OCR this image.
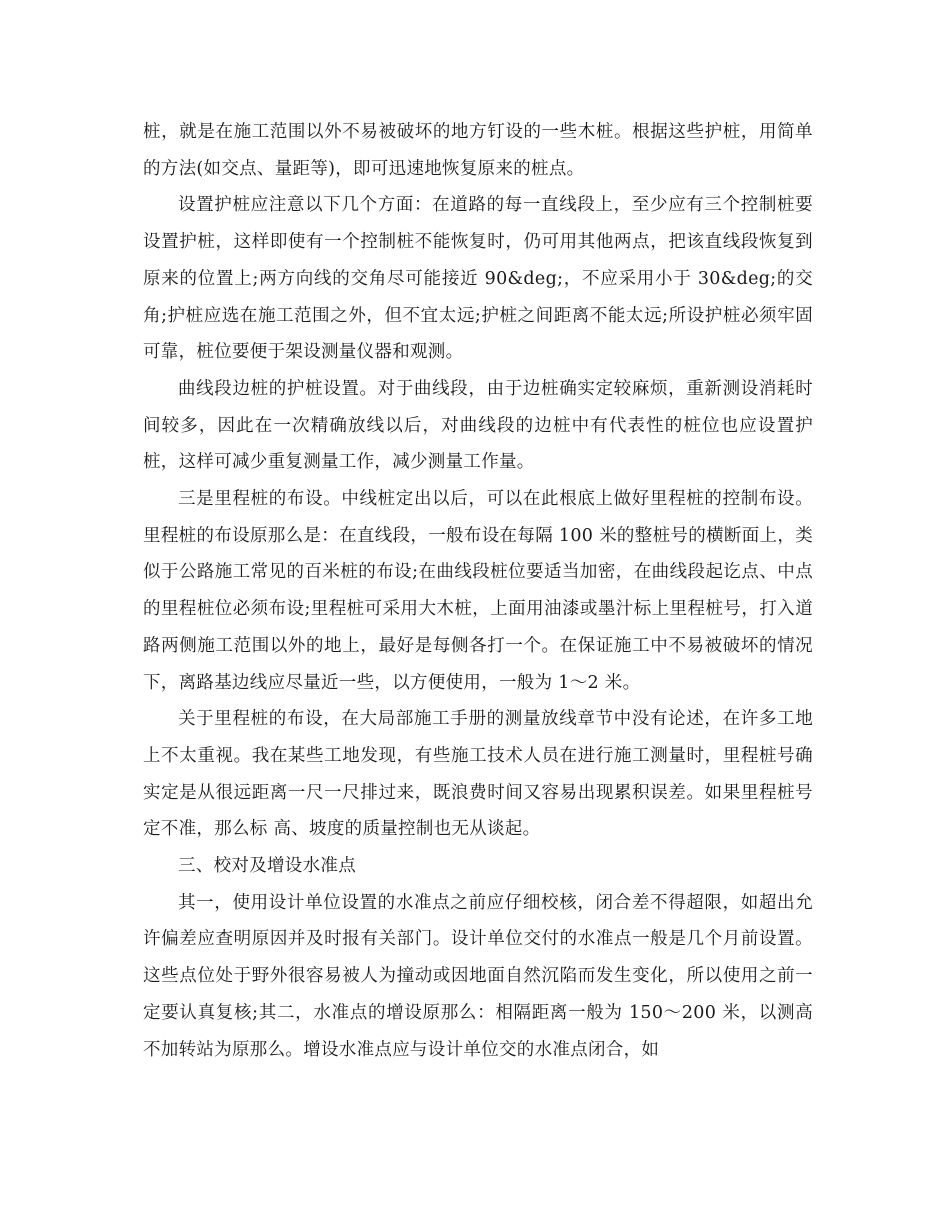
桩，就是在施工范围以外不易被破坏的地方钉设的一些木桩。根据这些护桩，用简单的方法(如交点、量距等)，即可迅速地恢复原来的桩点。

设置护桩应注意以下几个方面：在道路的每一直线段上，至少应有三个控制桩要设置护桩，这样即使有一个控制桩不能恢复时，仍可用其他两点，把该直线段恢复到原来的位置上;两方向线的交角尽可能接近 90&deg;，不应采用小于 30&deg;的交角;护桩应选在施工范围之外，但不宜太远;护桩之间距离不能太远;所设护桩必须牢固可靠，桩位要便于架设测量仪器和观测。

曲线段边桩的护桩设置。对于曲线段，由于边桩确实定较麻烦，重新测设消耗时间较多，因此在一次精确放线以后，对曲线段的边桩中有代表性的桩位也应设置护桩，这样可减少重复测量工作，减少测量工作量。

三是里程桩的布设。中线桩定出以后，可以在此根底上做好里程桩的控制布设。里程桩的布设原那么是：在直线段，一般布设在每隔 100 米的整桩号的横断面上，类似于公路施工常见的百米桩的布设;在曲线段桩位要适当加密，在曲线段起讫点、中点的里程桩位必须布设;里程桩可采用大木桩，上面用油漆或墨汁标上里程桩号，打入道路两侧施工范围以外的地上，最好是每侧各打一个。在保证施工中不易被破坏的情况下，离路基边线应尽量近一些，以方便使用，一般为 1～2 米。

关于里程桩的布设，在大局部施工手册的测量放线章节中没有论述，在许多工地上不太重视。我在某些工地发现，有些施工技术人员在进行施工测量时，里程桩号确实定是从很远距离一尺一尺排过来，既浪费时间又容易出现累积误差。如果里程桩号定不准，那么标 高、坡度的质量控制也无从谈起。

三、校对及增设水准点

其一，使用设计单位设置的水准点之前应仔细校核，闭合差不得超限，如超出允许偏差应查明原因并及时报有关部门。设计单位交付的水准点一般是几个月前设置。这些点位处于野外很容易被人为撞动或因地面自然沉陷而发生变化，所以使用之前一定要认真复核;其二，水准点的增设原那么：相隔距离一般为 150～200 米，以测高不加转站为原那么。增设水准点应与设计单位交的水准点闭合，如
